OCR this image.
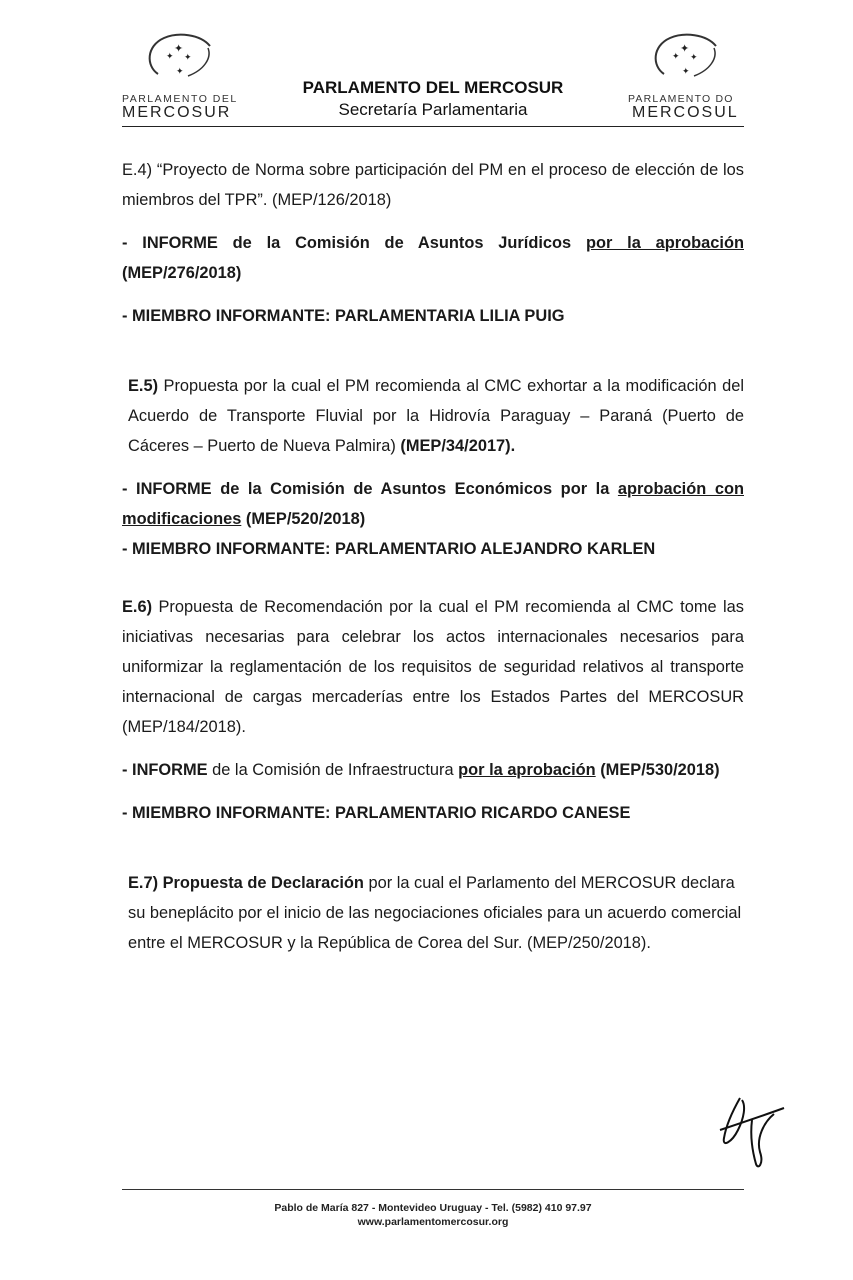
✦
✦ ✦
✦
PARLAMENTO DEL
MERCOSUR
✦
✦ ✦
✦
PARLAMENTO DO
MERCOSUL
PARLAMENTO DEL MERCOSUR
Secretaría Parlamentaria

E.4) “Proyecto de Norma sobre participación del PM en el proceso de elección de los miembros del TPR”. (MEP/126/2018)

- INFORME de la Comisión de Asuntos Jurídicos por la aprobación (MEP/276/2018)

- MIEMBRO INFORMANTE: PARLAMENTARIA LILIA PUIG

E.5) Propuesta por la cual el PM recomienda al CMC exhortar a la modificación del Acuerdo de Transporte Fluvial por la Hidrovía Paraguay – Paraná (Puerto de Cáceres – Puerto de Nueva Palmira) (MEP/34/2017).

- INFORME de la Comisión de Asuntos Económicos por la aprobación con modificaciones (MEP/520/2018)

- MIEMBRO INFORMANTE: PARLAMENTARIO ALEJANDRO KARLEN

E.6) Propuesta de Recomendación por la cual el PM recomienda al CMC tome las iniciativas necesarias para celebrar los actos internacionales necesarios para uniformizar la reglamentación de los requisitos de seguridad relativos al transporte internacional de cargas mercaderías entre los Estados Partes del MERCOSUR (MEP/184/2018).

- INFORME de la Comisión de Infraestructura por la aprobación (MEP/530/2018)

- MIEMBRO INFORMANTE: PARLAMENTARIO RICARDO CANESE

E.7) Propuesta de Declaración por la cual el Parlamento del MERCOSUR declara su beneplácito por el inicio de las negociaciones oficiales para un acuerdo comercial entre el MERCOSUR y la República de Corea del Sur. (MEP/250/2018).

Pablo de María 827 - Montevideo Uruguay - Tel. (5982) 410 97.97
www.parlamentomercosur.org
